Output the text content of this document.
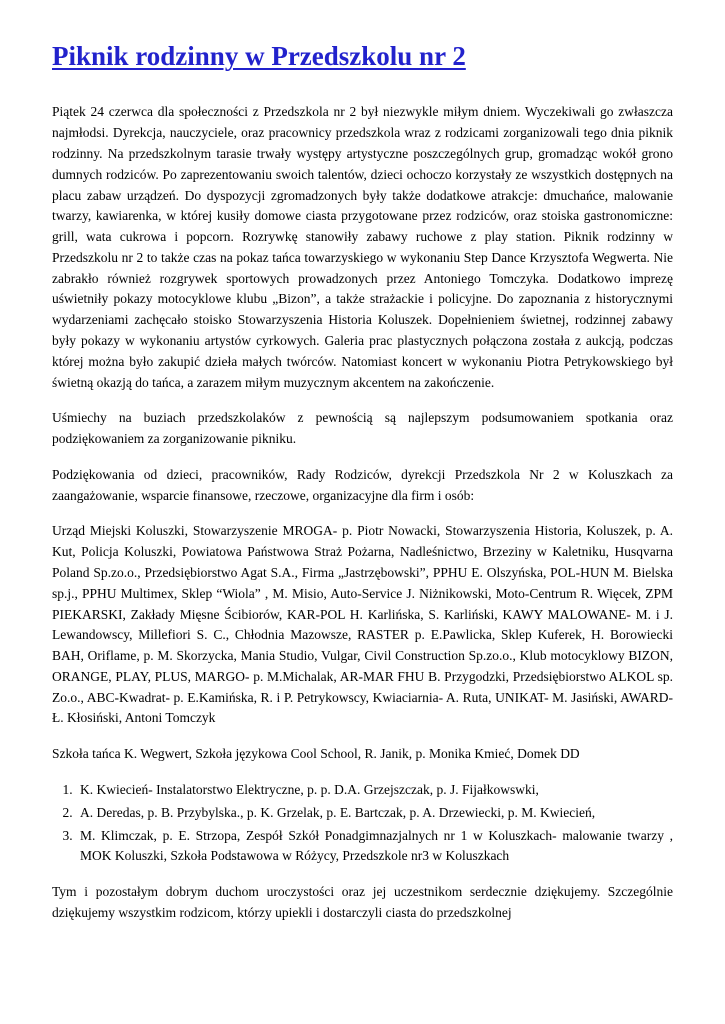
Piknik rodzinny w Przedszkolu nr 2

Piątek 24 czerwca dla społeczności z Przedszkola nr 2 był niezwykle miłym dniem. Wyczekiwali go zwłaszcza najmłodsi. Dyrekcja, nauczyciele, oraz pracownicy przedszkola wraz z rodzicami zorganizowali tego dnia piknik rodzinny. Na przedszkolnym tarasie trwały występy artystyczne poszczególnych grup, gromadząc wokół grono dumnych rodziców. Po zaprezentowaniu swoich talentów, dzieci ochoczo korzystały ze wszystkich dostępnych na placu zabaw urządzeń. Do dyspozycji zgromadzonych były także dodatkowe atrakcje: dmuchańce, malowanie twarzy, kawiarenka, w której kusiły domowe ciasta przygotowane przez rodziców, oraz stoiska gastronomiczne: grill, wata cukrowa i popcorn. Rozrywkę stanowiły zabawy ruchowe z play station. Piknik rodzinny w Przedszkolu nr 2 to także czas na pokaz tańca towarzyskiego w wykonaniu Step Dance Krzysztofa Wegwerta. Nie zabrakło również rozgrywek sportowych prowadzonych przez Antoniego Tomczyka. Dodatkowo imprezę uświetniły pokazy motocyklowe klubu „Bizon”, a także strażackie i policyjne. Do zapoznania z historycznymi wydarzeniami zachęcało stoisko Stowarzyszenia Historia Koluszek. Dopełnieniem świetnej, rodzinnej zabawy były pokazy w wykonaniu artystów cyrkowych. Galeria prac plastycznych połączona została z aukcją, podczas której można było zakupić dzieła małych twórców. Natomiast koncert w wykonaniu Piotra Petrykowskiego był świetną okazją do tańca, a zarazem miłym muzycznym akcentem na zakończenie.

Uśmiechy na buziach przedszkolaków z pewnością są najlepszym podsumowaniem spotkania oraz podziękowaniem za zorganizowanie pikniku.

Podziękowania od dzieci, pracowników, Rady Rodziców, dyrekcji Przedszkola Nr 2 w Koluszkach za zaangażowanie, wsparcie finansowe, rzeczowe, organizacyjne dla firm i osób:

Urząd Miejski Koluszki, Stowarzyszenie MROGA- p. Piotr Nowacki, Stowarzyszenia Historia, Koluszek, p. A. Kut, Policja Koluszki, Powiatowa Państwowa Straż Pożarna, Nadleśnictwo, Brzeziny w Kaletniku, Husqvarna Poland Sp.zo.o., Przedsiębiorstwo Agat S.A., Firma „Jastrzębowski”, PPHU E. Olszyńska, POL-HUN M. Bielska sp.j., PPHU Multimex, Sklep “Wiola” , M. Misio, Auto-Service J. Niżnikowski, Moto-Centrum R. Więcek, ZPM PIEKARSKI, Zakłady Mięsne Ścibiorów, KAR-POL H. Karlińska, S. Karliński, KAWY MALOWANE- M. i J. Lewandowscy, Millefiori S. C., Chłodnia Mazowsze, RASTER p. E.Pawlicka, Sklep Kuferek, H. Borowiecki BAH, Oriflame, p. M. Skorzycka, Mania Studio, Vulgar, Civil Construction Sp.zo.o., Klub motocyklowy BIZON, ORANGE, PLAY, PLUS, MARGO- p. M.Michalak, AR-MAR FHU B. Przygodzki, Przedsiębiorstwo ALKOL sp. Zo.o., ABC-Kwadrat- p. E.Kamińska, R. i P. Petrykowscy, Kwiaciarnia- A. Ruta, UNIKAT- M. Jasiński, AWARD- Ł. Kłosiński, Antoni Tomczyk

Szkoła tańca K. Wegwert, Szkoła językowa Cool School, R. Janik, p. Monika Kmieć, Domek DD

1. K. Kwiecień- Instalatorstwo Elektryczne, p. p. D.A. Grzejszczak, p. J. Fijałkowswki,
2. A. Deredas, p. B. Przybylska., p. K. Grzelak, p. E. Bartczak, p. A. Drzewiecki, p. M. Kwiecień,
3. M. Klimczak, p. E. Strzopa, Zespół Szkół Ponadgimnazjalnych nr 1 w Koluszkach- malowanie twarzy , MOK Koluszki, Szkoła Podstawowa w Różycy, Przedszkole nr3 w Koluszkach

Tym i pozostałym dobrym duchom uroczystości oraz jej uczestnikom serdecznie dziękujemy. Szczególnie dziękujemy wszystkim rodzicom, którzy upiekli i dostarczyli ciasta do przedszkolnej
